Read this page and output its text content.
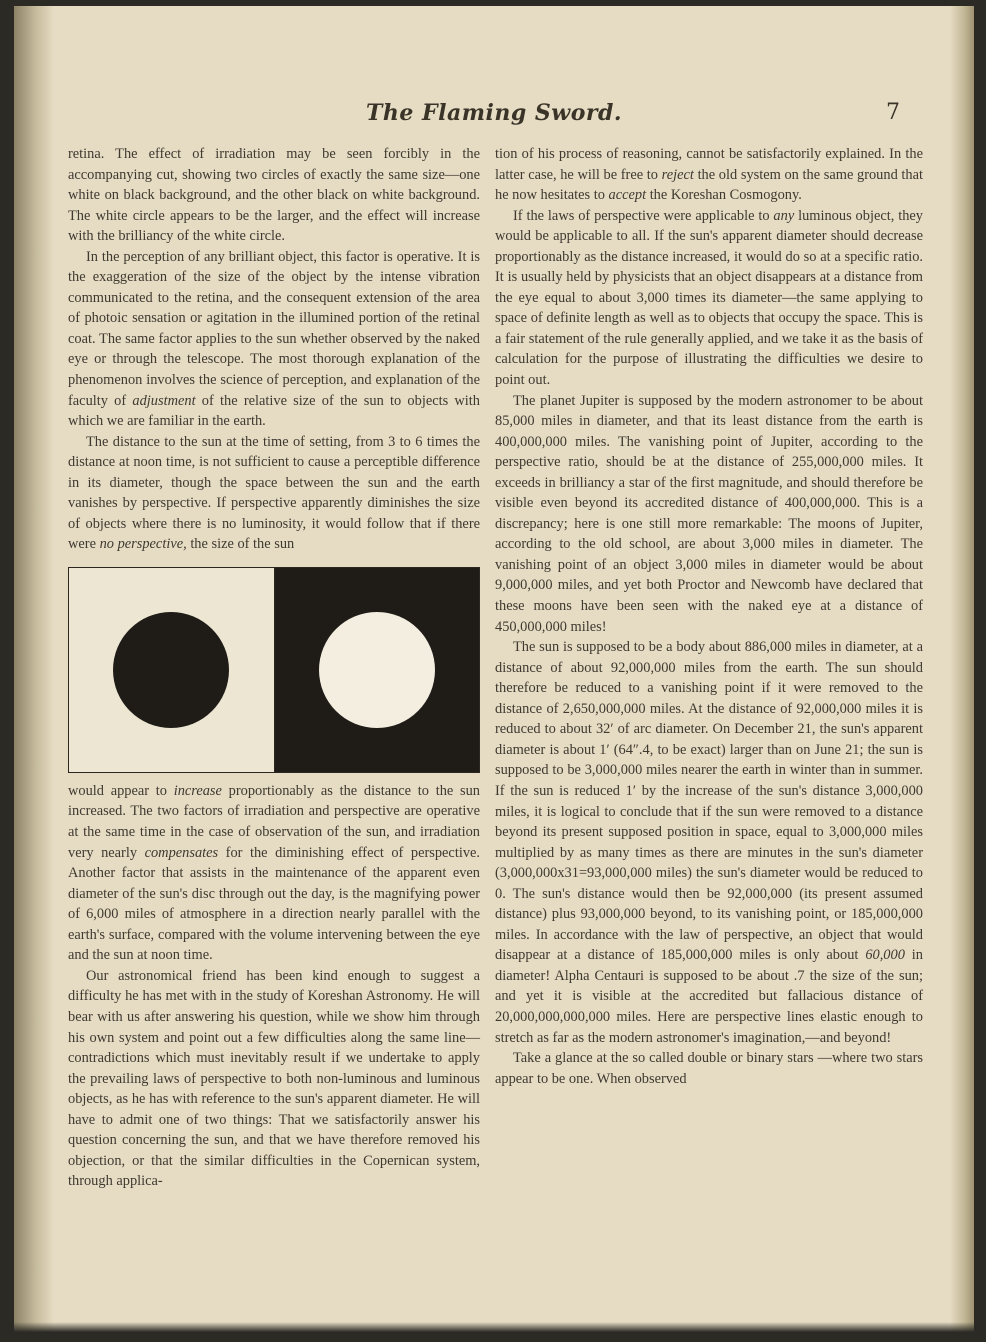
The Flaming Sword.	7

retina. The effect of irradiation may be seen forcibly in the accompanying cut, showing two circles of exactly the same size—one white on black background, and the other black on white background. The white circle appears to be the larger, and the effect will increase with the brilliancy of the white circle.

In the perception of any brilliant object, this factor is operative. It is the exaggeration of the size of the object by the intense vibration communicated to the retina, and the consequent extension of the area of photoic sensation or agitation in the illumined portion of the retinal coat. The same factor applies to the sun whether observed by the naked eye or through the telescope. The most thorough explanation of the phenomenon involves the science of perception, and explanation of the faculty of adjustment of the relative size of the sun to objects with which we are familiar in the earth.

The distance to the sun at the time of setting, from 3 to 6 times the distance at noon time, is not sufficient to cause a perceptible difference in its diameter, though the space between the sun and the earth vanishes by perspective. If perspective apparently diminishes the size of objects where there is no luminosity, it would follow that if there were no perspective, the size of the sun

would appear to increase proportionably as the distance to the sun increased. The two factors of irradiation and perspective are operative at the same time in the case of observation of the sun, and irradiation very nearly compensates for the diminishing effect of perspective. Another factor that assists in the maintenance of the apparent even diameter of the sun's disc through out the day, is the magnifying power of 6,000 miles of atmosphere in a direction nearly parallel with the earth's surface, compared with the volume intervening between the eye and the sun at noon time.

Our astronomical friend has been kind enough to suggest a difficulty he has met with in the study of Koreshan Astronomy. He will bear with us after answering his question, while we show him through his own system and point out a few difficulties along the same line—contradictions which must inevitably result if we undertake to apply the prevailing laws of perspective to both non-luminous and luminous objects, as he has with reference to the sun's apparent diameter. He will have to admit one of two things: That we satisfactorily answer his question concerning the sun, and that we have therefore removed his objection, or that the similar difficulties in the Copernican system, through applica-

tion of his process of reasoning, cannot be satisfactorily explained. In the latter case, he will be free to reject the old system on the same ground that he now hesitates to accept the Koreshan Cosmogony.

If the laws of perspective were applicable to any luminous object, they would be applicable to all. If the sun's apparent diameter should decrease proportionably as the distance increased, it would do so at a specific ratio. It is usually held by physicists that an object disappears at a distance from the eye equal to about 3,000 times its diameter—the same applying to space of definite length as well as to objects that occupy the space. This is a fair statement of the rule generally applied, and we take it as the basis of calculation for the purpose of illustrating the difficulties we desire to point out.

The planet Jupiter is supposed by the modern astronomer to be about 85,000 miles in diameter, and that its least distance from the earth is 400,000,000 miles. The vanishing point of Jupiter, according to the perspective ratio, should be at the distance of 255,000,000 miles. It exceeds in brilliancy a star of the first magnitude, and should therefore be visible even beyond its accredited distance of 400,000,000. This is a discrepancy; here is one still more remarkable: The moons of Jupiter, according to the old school, are about 3,000 miles in diameter. The vanishing point of an object 3,000 miles in diameter would be about 9,000,000 miles, and yet both Proctor and Newcomb have declared that these moons have been seen with the naked eye at a distance of 450,000,000 miles!

The sun is supposed to be a body about 886,000 miles in diameter, at a distance of about 92,000,000 miles from the earth. The sun should therefore be reduced to a vanishing point if it were removed to the distance of 2,650,000,000 miles. At the distance of 92,000,000 miles it is reduced to about 32′ of arc diameter. On December 21, the sun's apparent diameter is about 1′ (64″.4, to be exact) larger than on June 21; the sun is supposed to be 3,000,000 miles nearer the earth in winter than in summer. If the sun is reduced 1′ by the increase of the sun's distance 3,000,000 miles, it is logical to conclude that if the sun were removed to a distance beyond its present supposed position in space, equal to 3,000,000 miles multiplied by as many times as there are minutes in the sun's diameter (3,000,000x31=93,000,000 miles) the sun's diameter would be reduced to 0. The sun's distance would then be 92,000,000 (its present assumed distance) plus 93,000,000 beyond, to its vanishing point, or 185,000,000 miles. In accordance with the law of perspective, an object that would disappear at a distance of 185,000,000 miles is only about 60,000 in diameter! Alpha Centauri is supposed to be about .7 the size of the sun; and yet it is visible at the accredited but fallacious distance of 20,000,000,000,000 miles. Here are perspective lines elastic enough to stretch as far as the modern astronomer's imagination,—and beyond!

Take a glance at the so called double or binary stars —where two stars appear to be one. When observed
